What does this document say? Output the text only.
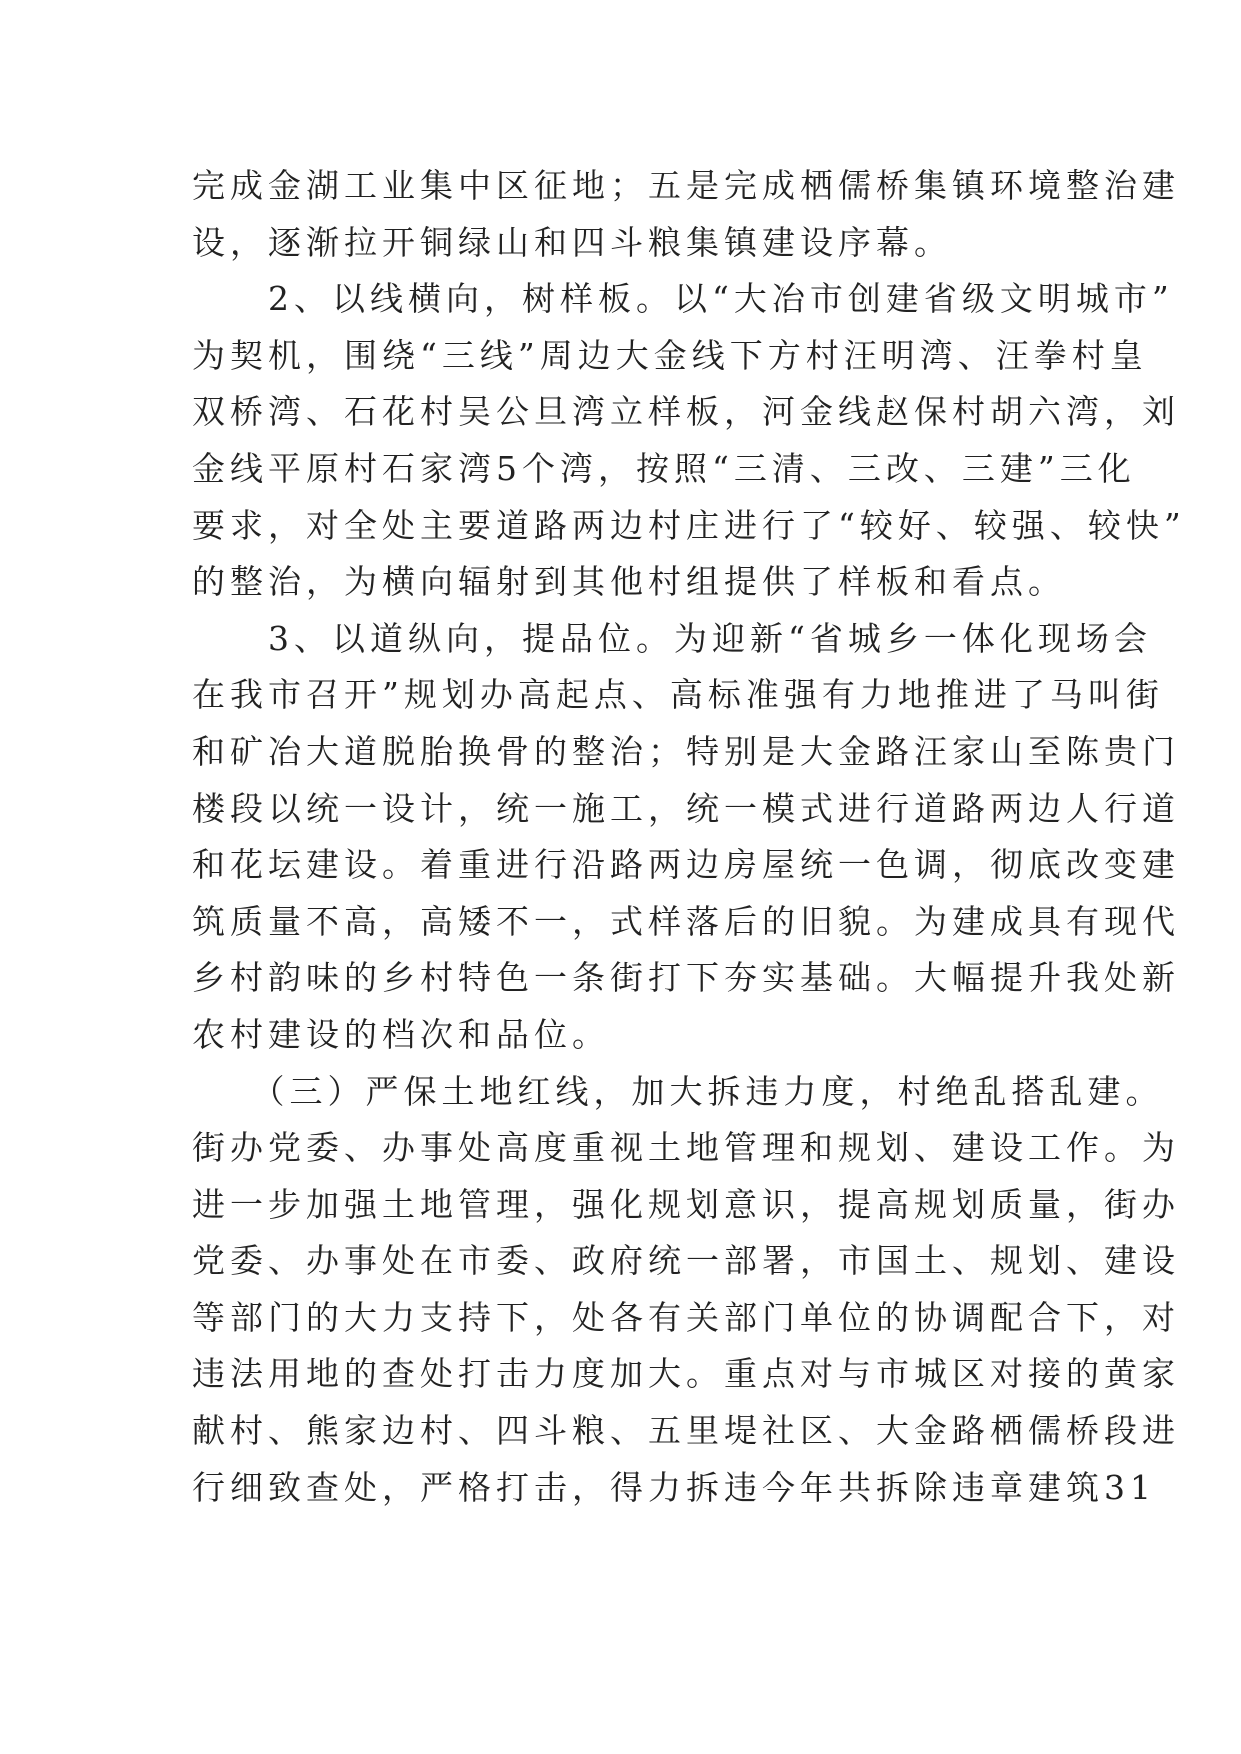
完成金湖工业集中区征地；五是完成栖儒桥集镇环境整治建
设，逐渐拉开铜绿山和四斗粮集镇建设序幕。
　　2、以线横向，树样板。以“大冶市创建省级文明城市”
为契机，围绕“三线”周边大金线下方村汪明湾、汪拳村皇
双桥湾、石花村吴公旦湾立样板，河金线赵保村胡六湾，刘
金线平原村石家湾5个湾，按照“三清、三改、三建”三化
要求，对全处主要道路两边村庄进行了“较好、较强、较快”
的整治，为横向辐射到其他村组提供了样板和看点。
　　3、以道纵向，提品位。为迎新“省城乡一体化现场会
在我市召开”规划办高起点、高标准强有力地推进了马叫街
和矿冶大道脱胎换骨的整治；特别是大金路汪家山至陈贵门
楼段以统一设计，统一施工，统一模式进行道路两边人行道
和花坛建设。着重进行沿路两边房屋统一色调，彻底改变建
筑质量不高，高矮不一，式样落后的旧貌。为建成具有现代
乡村韵味的乡村特色一条街打下夯实基础。大幅提升我处新
农村建设的档次和品位。
　　（三）严保土地红线，加大拆违力度，村绝乱搭乱建。
街办党委、办事处高度重视土地管理和规划、建设工作。为
进一步加强土地管理，强化规划意识，提高规划质量，街办
党委、办事处在市委、政府统一部署，市国土、规划、建设
等部门的大力支持下，处各有关部门单位的协调配合下，对
违法用地的查处打击力度加大。重点对与市城区对接的黄家
献村、熊家边村、四斗粮、五里堤社区、大金路栖儒桥段进
行细致查处，严格打击，得力拆违今年共拆除违章建筑31
